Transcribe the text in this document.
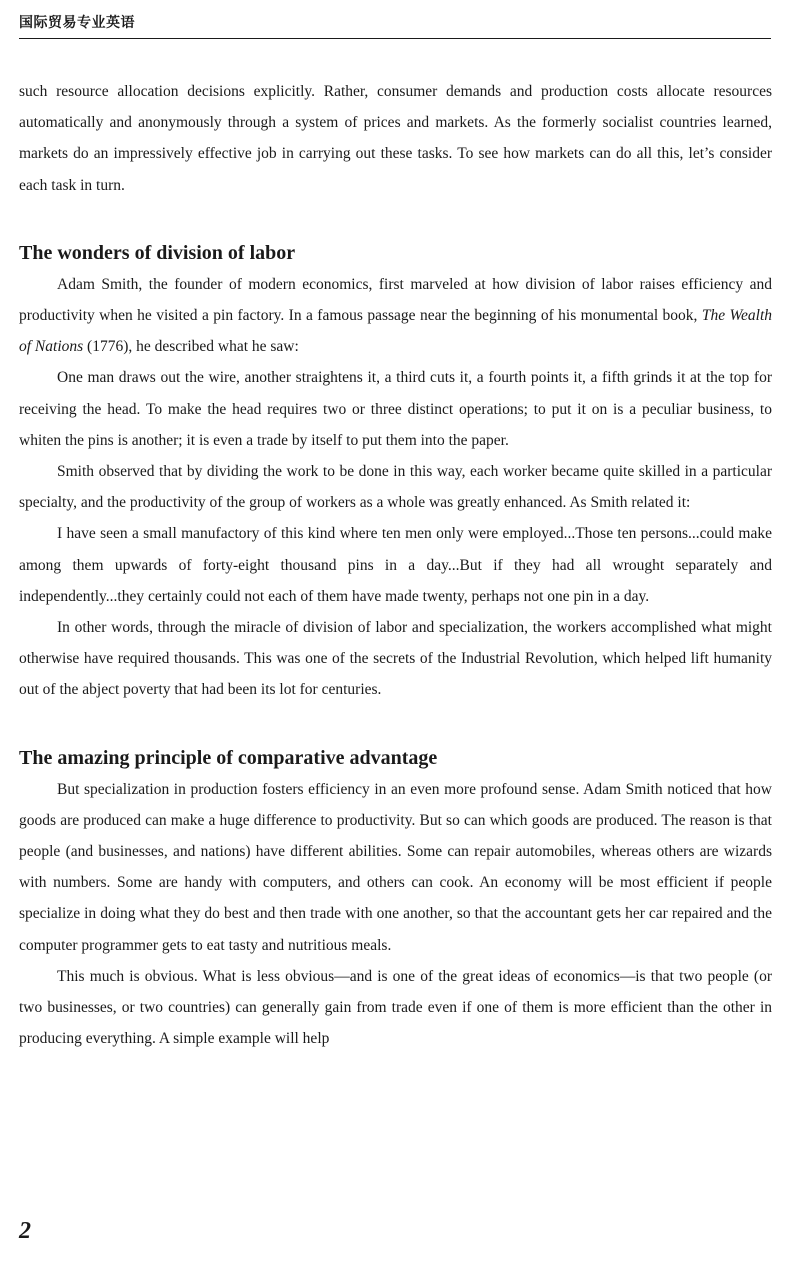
国际贸易专业英语

such resource allocation decisions explicitly. Rather, consumer demands and production costs allocate resources automatically and anonymously through a system of prices and markets. As the formerly socialist countries learned, markets do an impressively effective job in carrying out these tasks. To see how markets can do all this, let’s consider each task in turn.

The wonders of division of labor

Adam Smith, the founder of modern economics, first marveled at how division of labor raises efficiency and productivity when he visited a pin factory. In a famous passage near the beginning of his monumental book, The Wealth of Nations (1776), he described what he saw:

One man draws out the wire, another straightens it, a third cuts it, a fourth points it, a fifth grinds it at the top for receiving the head. To make the head requires two or three distinct operations; to put it on is a peculiar business, to whiten the pins is another; it is even a trade by itself to put them into the paper.

Smith observed that by dividing the work to be done in this way, each worker became quite skilled in a particular specialty, and the productivity of the group of workers as a whole was greatly enhanced. As Smith related it:

I have seen a small manufactory of this kind where ten men only were employed...Those ten persons...could make among them upwards of forty-eight thousand pins in a day...But if they had all wrought separately and independently...they certainly could not each of them have made twenty, perhaps not one pin in a day.

In other words, through the miracle of division of labor and specialization, the workers accomplished what might otherwise have required thousands. This was one of the secrets of the Industrial Revolution, which helped lift humanity out of the abject poverty that had been its lot for centuries.

The amazing principle of comparative advantage

But specialization in production fosters efficiency in an even more profound sense. Adam Smith noticed that how goods are produced can make a huge difference to productivity. But so can which goods are produced. The reason is that people (and businesses, and nations) have different abilities. Some can repair automobiles, whereas others are wizards with numbers. Some are handy with computers, and others can cook. An economy will be most efficient if people specialize in doing what they do best and then trade with one another, so that the accountant gets her car repaired and the computer programmer gets to eat tasty and nutritious meals.

This much is obvious. What is less obvious—and is one of the great ideas of economics—is that two people (or two businesses, or two countries) can generally gain from trade even if one of them is more efficient than the other in producing everything. A simple example will help

2
